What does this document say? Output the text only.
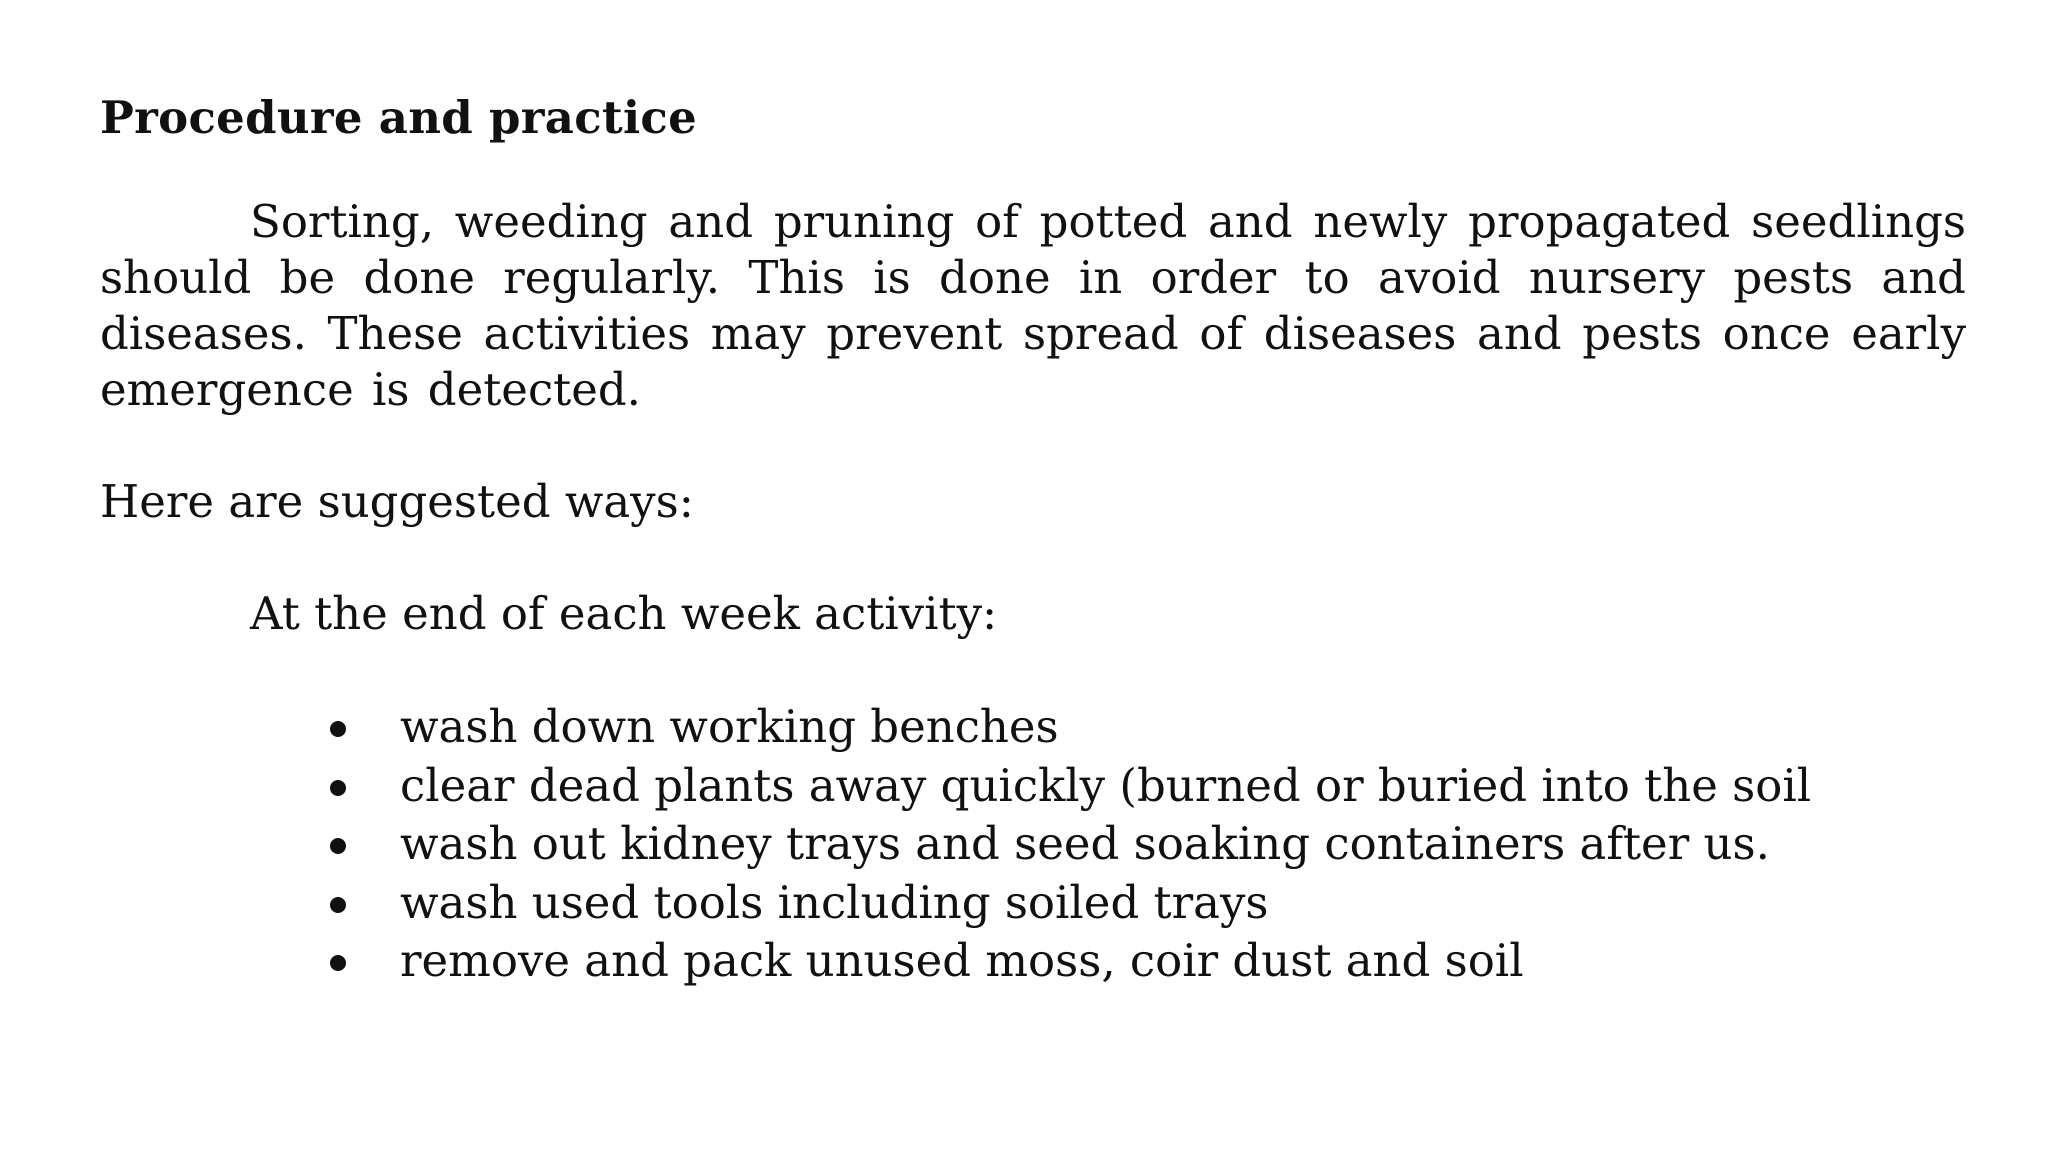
Procedure and practice

Sorting, weeding and pruning of potted and newly propagated seedlings should be done regularly. This is done in order to avoid nursery pests and diseases. These activities may prevent spread of diseases and pests once early emergence is detected.

Here are suggested ways:

At the end of each week activity:

wash down working benches
clear dead plants away quickly (burned or buried into the soil
wash out kidney trays and seed soaking containers after us.
wash used tools including soiled trays
remove and pack unused moss, coir dust and soil
